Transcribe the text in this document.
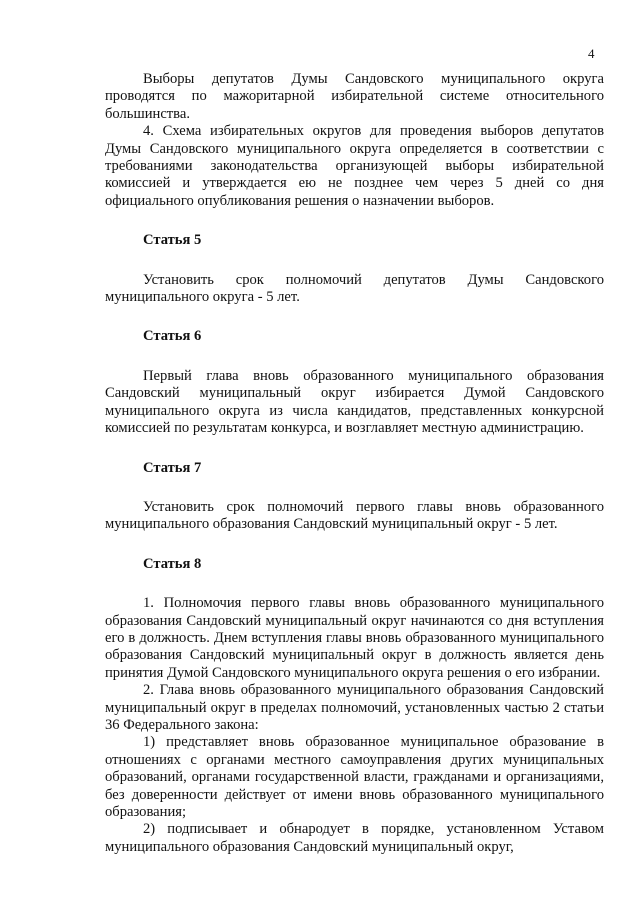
4

Выборы депутатов Думы Сандовского муниципального округа проводятся по мажоритарной избирательной системе относительного большинства.

4. Схема избирательных округов для проведения выборов депутатов Думы Сандовского муниципального округа определяется в соответствии с требованиями законодательства организующей выборы избирательной комиссией и утверждается ею не позднее чем через 5 дней со дня официального опубликования решения о назначении выборов.

Статья 5

Установить срок полномочий депутатов Думы Сандовского муниципального округа - 5 лет.

Статья 6

Первый глава вновь образованного муниципального образования Сандовский муниципальный округ избирается Думой Сандовского муниципального округа из числа кандидатов, представленных конкурсной комиссией по результатам конкурса, и возглавляет местную администрацию.

Статья 7

Установить срок полномочий первого главы вновь образованного муниципального образования Сандовский муниципальный округ - 5 лет.

Статья 8

1. Полномочия первого главы вновь образованного муниципального образования Сандовский муниципальный округ начинаются со дня вступления его в должность. Днем вступления главы вновь образованного муниципального образования Сандовский муниципальный округ в должность является день принятия Думой Сандовского муниципального округа решения о его избрании.

2. Глава вновь образованного муниципального образования Сандовский муниципальный округ в пределах полномочий, установленных частью 2 статьи 36 Федерального закона:

1) представляет вновь образованное муниципальное образование в отношениях с органами местного самоуправления других муниципальных образований, органами государственной власти, гражданами и организациями, без доверенности действует от имени вновь образованного муниципального образования;

2) подписывает и обнародует в порядке, установленном Уставом муниципального образования Сандовский муниципальный округ,
